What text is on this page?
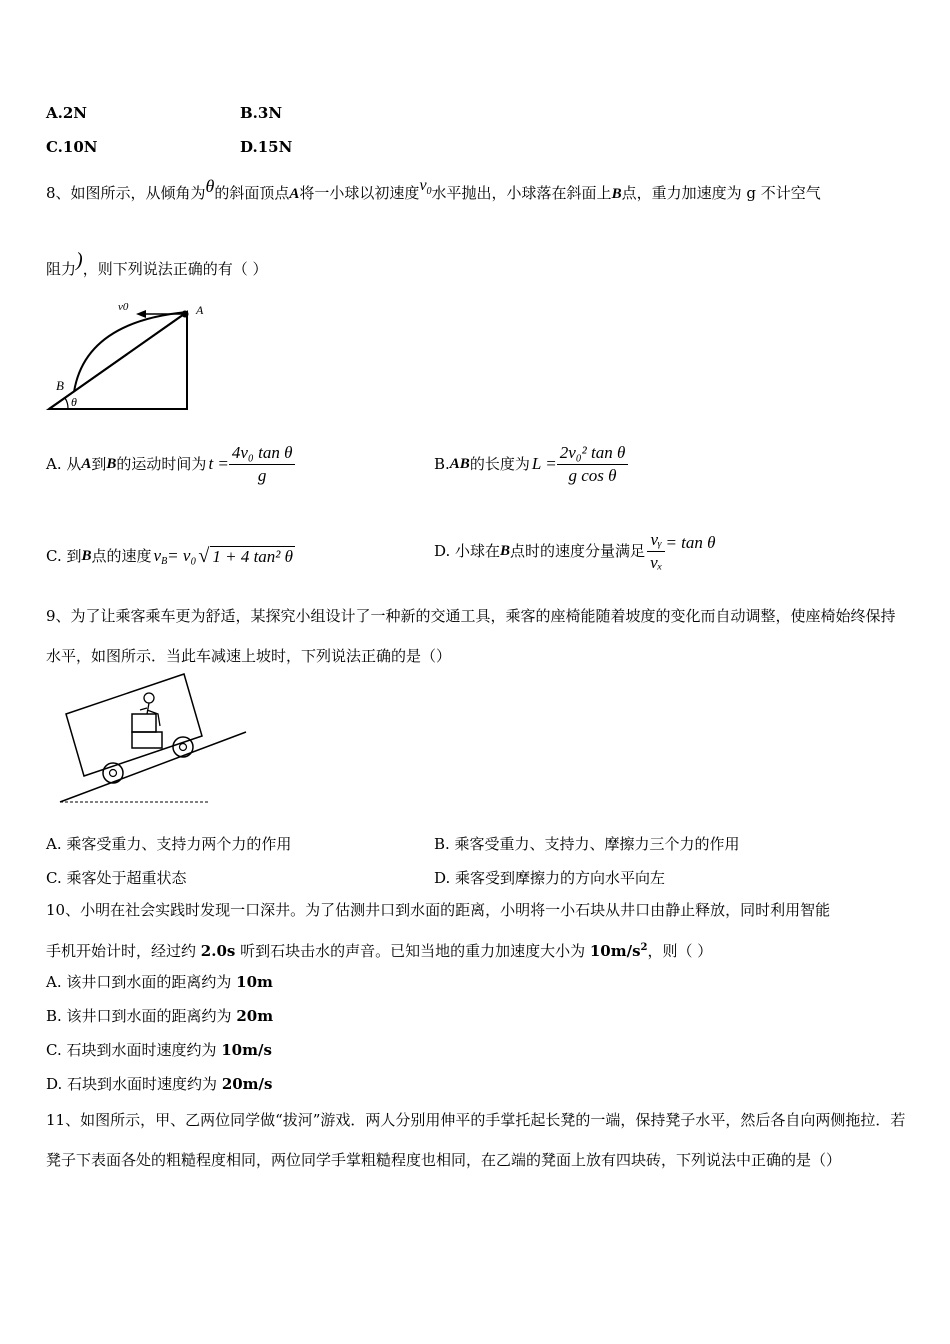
A.2N	B.3N
C.10N	D.15N
8、如图所示，从倾角为θ的斜面顶点A将一小球以初速度$v_0$水平抛出，小球落在斜面上B点，重力加速度为 g 不计空气
阻力)，则下列说法正确的有（ ）
v0	A
B
θ
A. 从 A 到 B 的运动时间为 $t = \frac{\text{4v₀ tan θ}}{g}$	B. AB 的长度为 $L = \frac{\text{2v₀² tan θ}}{\text{g cos θ}}$
C. 到 B 点的速度 $v_B = v_0$ √ 1 + 4 tan² θ	D. 小球在 B 点时的速度分量满足 $\frac{\text{vᵧ}}{\text{vₓ}} = \tan \theta$
9、为了让乘客乘车更为舒适，某探究小组设计了一种新的交通工具，乘客的座椅能随着坡度的变化而自动调整，使座椅始终保持水平，如图所示．当此车减速上坡时，下列说法正确的是（）
A. 乘客受重力、支持力两个力的作用	B. 乘客受重力、支持力、摩擦力三个力的作用
C. 乘客处于超重状态	D. 乘客受到摩擦力的方向水平向左
10、小明在社会实践时发现一口深井。为了估测井口到水面的距离，小明将一小石块从井口由静止释放，同时利用智能
手机开始计时，经过约 2.0s 听到石块击水的声音。已知当地的重力加速度大小为 $10m/s^2$，则（ ）
A. 该井口到水面的距离约为 10m
B. 该井口到水面的距离约为 20m
C. 石块到水面时速度约为 10m/s
D. 石块到水面时速度约为 20m/s
11、如图所示，甲、乙两位同学做“拔河”游戏．两人分别用伸平的手掌托起长凳的一端，保持凳子水平，然后各自向两侧拖拉．若凳子下表面各处的粗糙程度相同，两位同学手掌粗糙程度也相同，在乙端的凳面上放有四块砖，下列说法中正确的是（）
